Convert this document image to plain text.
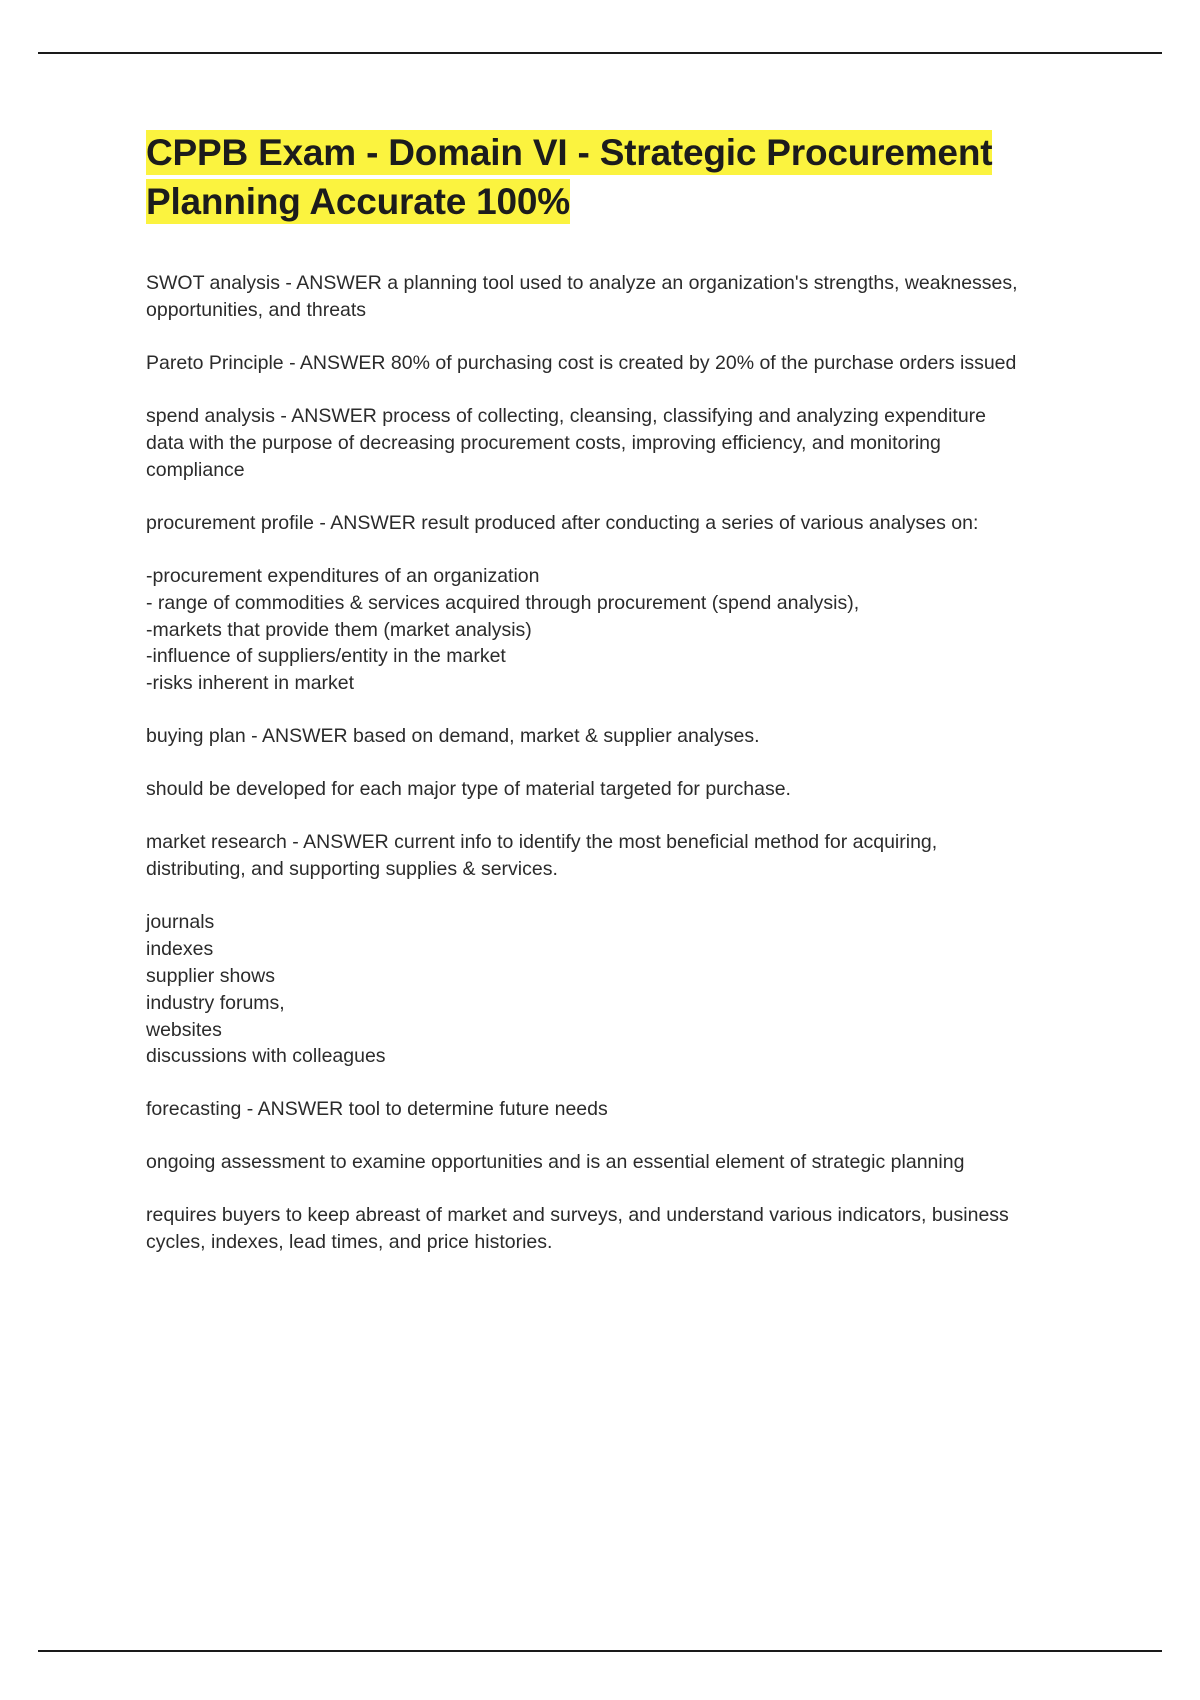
CPPB Exam - Domain VI - Strategic Procurement Planning Accurate 100%

SWOT analysis - ANSWER a planning tool used to analyze an organization's strengths, weaknesses, opportunities, and threats

Pareto Principle - ANSWER 80% of purchasing cost is created by 20% of the purchase orders issued

spend analysis - ANSWER process of collecting, cleansing, classifying and analyzing expenditure data with the purpose of decreasing procurement costs, improving efficiency, and monitoring compliance

procurement profile - ANSWER result produced after conducting a series of various analyses on:

-procurement expenditures of an organization
- range of commodities & services acquired through procurement (spend analysis),
-markets that provide them (market analysis)
-influence of suppliers/entity in the market
-risks inherent in market

buying plan - ANSWER based on demand, market & supplier analyses.

should be developed for each major type of material targeted for purchase.

market research - ANSWER current info to identify the most beneficial method for acquiring, distributing, and supporting supplies & services.

journals
indexes
supplier shows
industry forums,
websites
discussions with colleagues

forecasting - ANSWER tool to determine future needs

ongoing assessment to examine opportunities and is an essential element of strategic planning

requires buyers to keep abreast of market and surveys, and understand various indicators, business cycles, indexes, lead times, and price histories.
